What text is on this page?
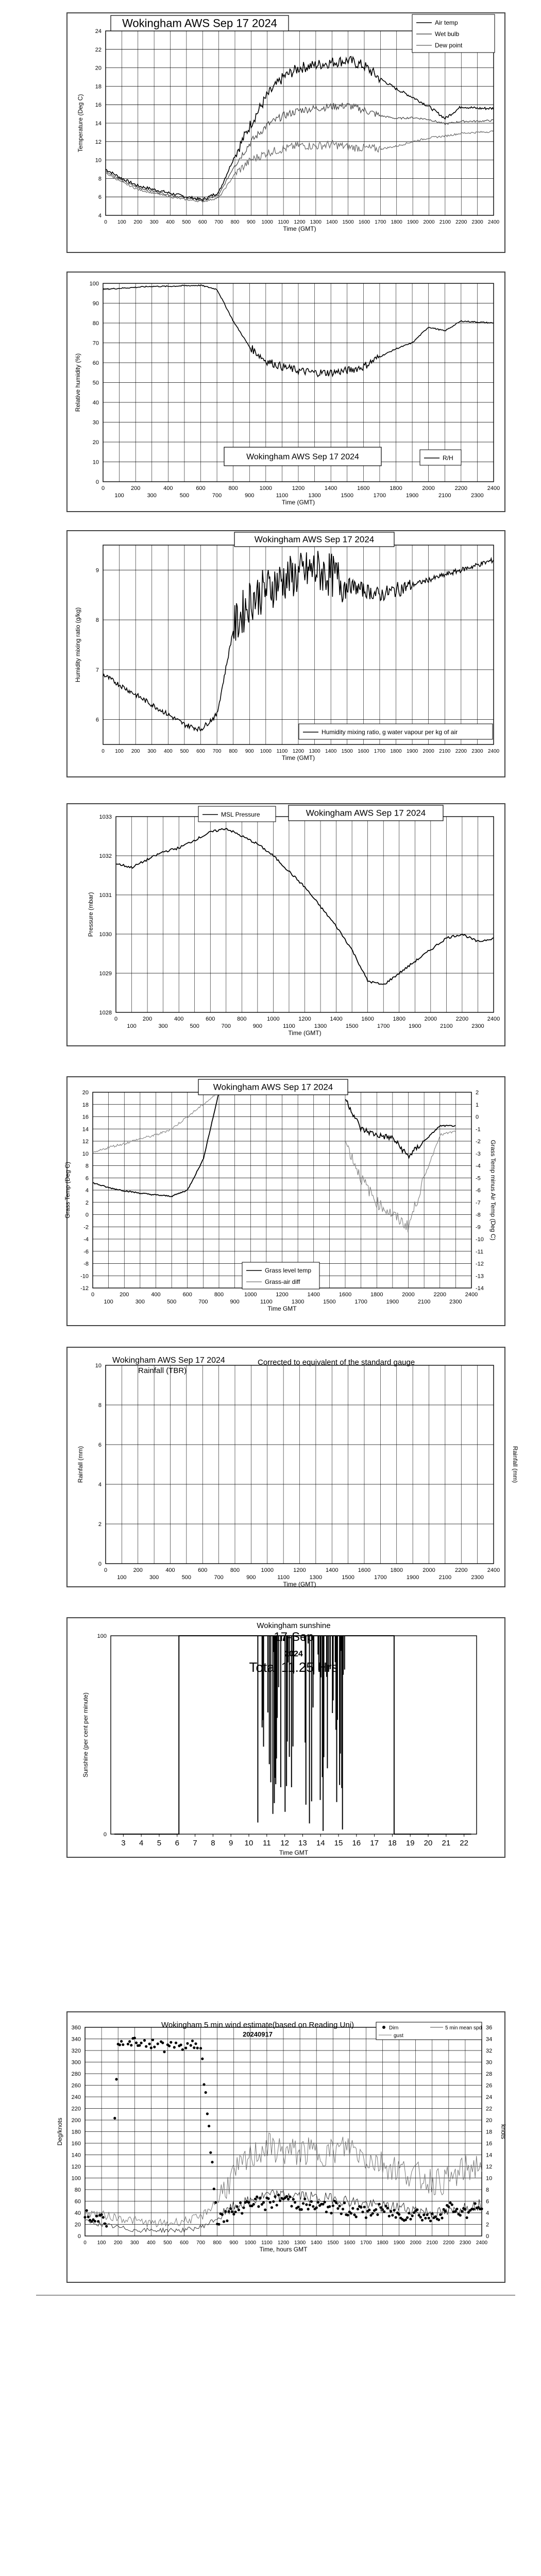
4
6
8
10
12
14
16
18
20
22
24
0 100 200 300 400 500 600 700 800 900 1000 1100 1200 1300 1400 1500 1600 1700 1800 1900 2000 2100 2200 2300 2400
Time (GMT)
Temperature (Deg C)
0
10
20
30
40
50
60
70
80
90
100
0	200	400	600	800	1000	1200	1400	1600	1800	2000	2200	2400
100	300	500	700	900	1100	1300	1500	1700	1900	2100	2300
Time (GMT)
Relative humidity (%)
6
7
8
9
0 100 200 300 400 500 600 700 800 900 1000 1100 1200 1300 1400 1500 1600 1700 1800 1900 2000 2100 2200 2300 2400
Time (GMT)
Humidity mixing ratio (g/kg)
1028
1029
1030
1031
1032
1033
0	200	400	600	800	1000	1200	1400	1600	1800	2000	2200	2400
100	300	500	700	900	1100	1300	1500	1700	1900	2100	2300
Time (GMT)
Pressure (mbar)
-12
-10
-8
-6
-4
-2
0
2
4
6
8
10
12
14
16
18
20
-14
-13
-12
-11
-10
-9
-8
-7
-6
-5
-4
-3
-2
-1
0
1
2
0	200	400	600	800	1000	1200	1400	1600	1800	2000	2200	2400
100	300	500	700	900	1100	1300	1500	1700	1900	2100	2300
Time GMT
Grass Temp (Deg C)	Grass Temp minus Air Temp (Deg C)
0
2
4
6
8
10
0	200	400	600	800	1000	1200	1400	1600	1800	2000	2200	2400
100	300	500	700	900	1100	1300	1500	1700	1900	2100	2300
Time (GMT)
Rainfall (mm)	Rainfall (mm)
0
100
3 4 5 6 7 8 9 10 11 12 13 14 15 16 17 18 19 20 21 22
Time GMT
Sunshine (per cent per minute)
0
20
40
60
80
100
120
140
160
180
200
220
240
260
280
300
320
340
360
0
2
4
6
8
10
12
14
16
18
20
22
24
26
28
30
32
34
36
0 100 200 300 400 500 600 700 800 900 1000 1100 1200 1300 1400 1500 1600 1700 1800 1900 2000 2100 2200 2300 2400
Time, hours GMT
Deg/knots	knots
Wokingham AWS Sep 17 2024	Air temp
Wet bulb
Dew point
Wokingham AWS Sep 17 2024	R/H
Wokingham AWS Sep 17 2024
Humidity mixing ratio, g water vapour per kg of air
Wokingham AWS Sep 17 2024
MSL Pressure
Wokingham AWS Sep 17 2024
Grass level temp
Grass-air diff
Wokingham AWS Sep 17 2024
Rainfall (TBR)
Corrected to equivalent of the standard gauge
Wokingham sunshine
17-Sep
2024
Total 11.25 Hrs
Wokingham 5 min wind estimate(based on Reading Uni)
20240917
Dirn	5 min mean spd
gust
